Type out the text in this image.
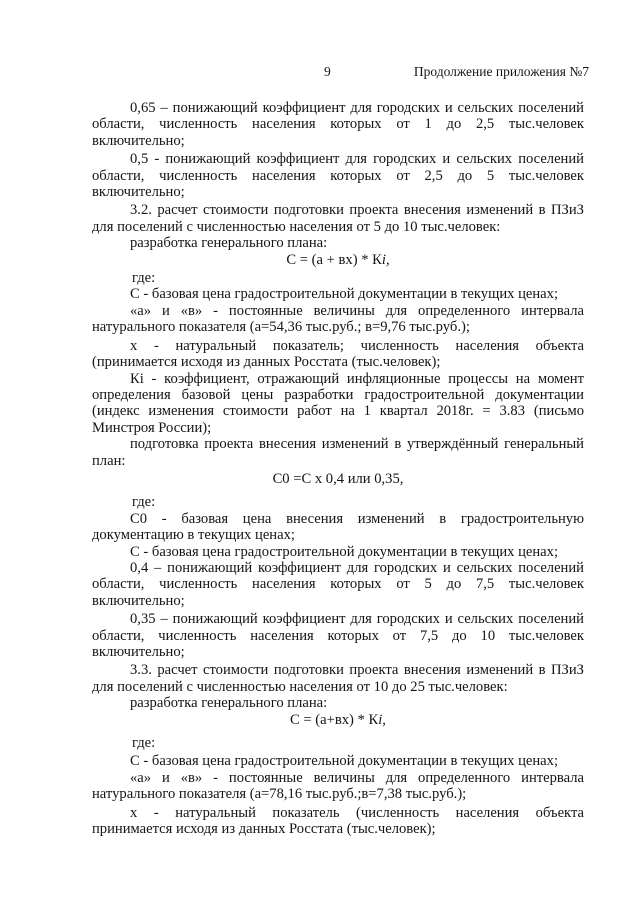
9	Продолжение приложения №7

0,65 – понижающий коэффициент для городских и сельских поселений области, численность населения которых от 1 до 2,5 тыс.человек включительно;

0,5 - понижающий коэффициент для городских и сельских поселений области, численность населения которых от 2,5 до 5 тыс.человек включительно;

3.2. расчет стоимости подготовки проекта внесения изменений в ПЗиЗ для поселений с численностью населения от 5 до 10 тыс.человек:

разработка генерального плана:

С = (а + вх) * Кi,

где:

С - базовая цена градостроительной документации в текущих ценах;

«а» и «в» - постоянные величины для определенного интервала натурального показателя (а=54,36 тыс.руб.; в=9,76 тыс.руб.);

х - натуральный показатель; численность населения объекта (принимается исходя из данных Росстата (тыс.человек);

Кi - коэффициент, отражающий инфляционные процессы на момент определения базовой цены разработки градостроительной документации (индекс изменения стоимости работ на 1 квартал 2018г. = 3.83 (письмо Минстроя России);

подготовка проекта внесения изменений в утверждённый генеральный план:

С0 =С х 0,4 или 0,35,

где:

С0 - базовая цена внесения изменений в градостроительную документацию в текущих ценах;

С - базовая цена градостроительной документации в текущих ценах;

0,4 – понижающий коэффициент для городских и сельских поселений области, численность населения которых от 5 до 7,5 тыс.человек включительно;

0,35 – понижающий коэффициент для городских и сельских поселений области, численность населения которых от 7,5 до 10 тыс.человек включительно;

3.3. расчет стоимости подготовки проекта внесения изменений в ПЗиЗ для поселений с численностью населения от 10 до 25 тыс.человек:

разработка генерального плана:

С = (а+вх) * Кi,

где:

С - базовая цена градостроительной документации в текущих ценах;

«а» и «в» - постоянные величины для определенного интервала натурального показателя (а=78,16 тыс.руб.;в=7,38 тыс.руб.);

х - натуральный показатель (численность населения объекта принимается исходя из данных Росстата (тыс.человек);
